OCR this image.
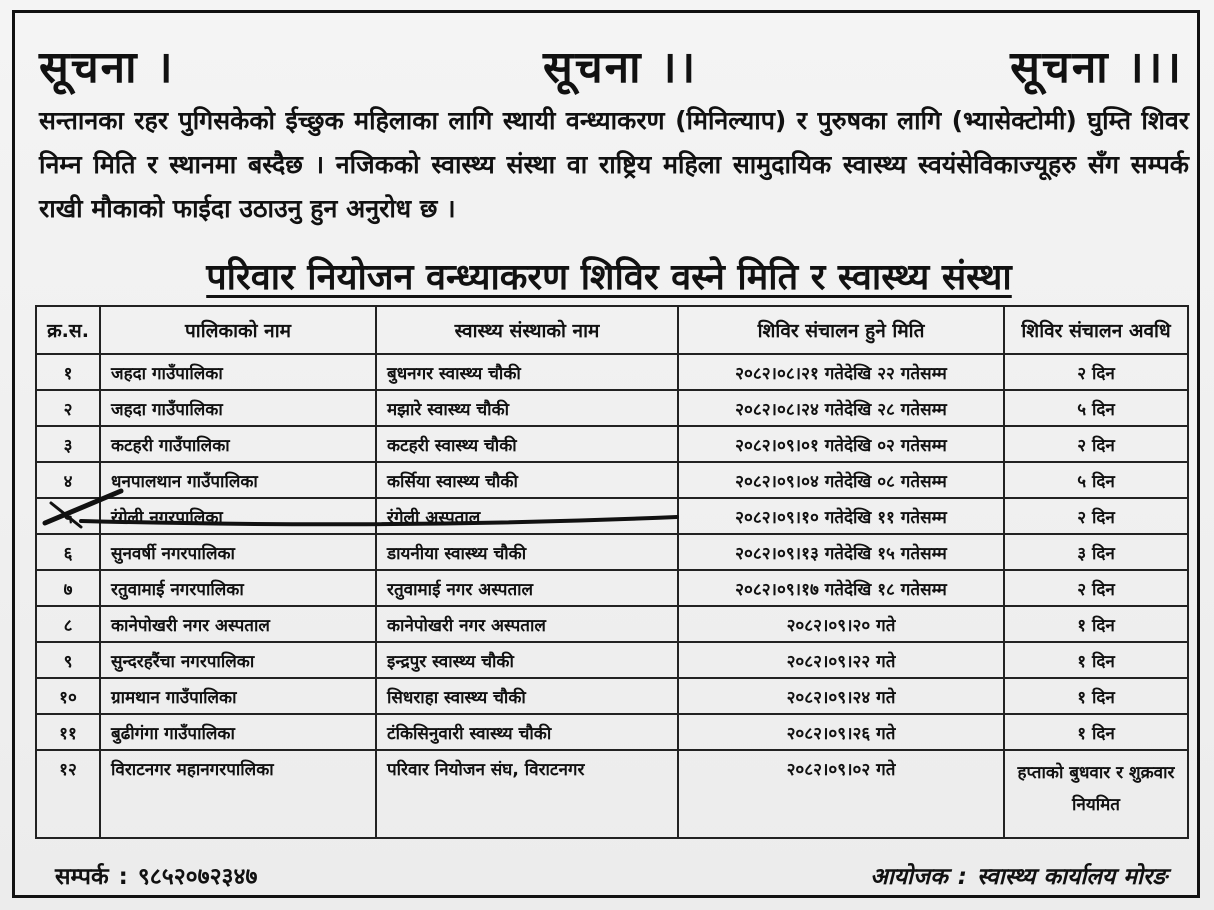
सूचना ।	सूचना ।।	सूचना ।।।
सन्तानका रहर पुगिसकेको ईच्छुक महिलाका लागि स्थायी वन्ध्याकरण (मिनिल्याप) र पुरुषका लागि (भ्यासेक्टोमी) घुम्ति शिवर निम्न मिति र स्थानमा बस्दैछ । नजिकको स्वास्थ्य संस्था वा राष्ट्रिय महिला सामुदायिक स्वास्थ्य स्वयंसेविकाज्यूहरु सँग सम्पर्क राखी मौकाको फाईदा उठाउनु हुन अनुरोध छ ।
परिवार नियोजन वन्ध्याकरण शिविर वस्ने मिति र स्वास्थ्य संस्था
क्र.स.	पालिकाको नाम	स्वास्थ्य संस्थाको नाम	शिविर संचालन हुने मिति	शिविर संचालन अवधि
१	जहदा गाउँपालिका	बुधनगर स्वास्थ्य चौकी	२०८२।०८।२१ गतेदेखि २२ गतेसम्म	२ दिन
२	जहदा गाउँपालिका	मझारे स्वास्थ्य चौकी	२०८२।०८।२४ गतेदेखि २८ गतेसम्म	५ दिन
३	कटहरी गाउँपालिका	कटहरी स्वास्थ्य चौकी	२०८२।०९।०१ गतेदेखि ०२ गतेसम्म	२ दिन
४	धनपालथान गाउँपालिका	कर्सिया स्वास्थ्य चौकी	२०८२।०९।०४ गतेदेखि ०८ गतेसम्म	५ दिन
५	रंगेली नगरपालिका	रंगेली अस्पताल	२०८२।०९।१० गतेदेखि ११ गतेसम्म	२ दिन
६	सुनवर्षी नगरपालिका	डायनीया स्वास्थ्य चौकी	२०८२।०९।१३ गतेदेखि १५ गतेसम्म	३ दिन
७	रतुवामाई नगरपालिका	रतुवामाई नगर अस्पताल	२०८२।०९।१७ गतेदेखि १८ गतेसम्म	२ दिन
८	कानेपोखरी नगर अस्पताल	कानेपोखरी नगर अस्पताल	२०८२।०९।२० गते	१ दिन
९	सुन्दरहरैंचा नगरपालिका	इन्द्रपुर स्वास्थ्य चौकी	२०८२।०९।२२ गते	१ दिन
१०	ग्रामथान गाउँपालिका	सिधराहा स्वास्थ्य चौकी	२०८२।०९।२४ गते	१ दिन
११	बुढीगंगा गाउँपालिका	टंकिसिनुवारी स्वास्थ्य चौकी	२०८२।०९।२६ गते	१ दिन
१२	विराटनगर महानगरपालिका	परिवार नियोजन संघ, विराटनगर	२०८२।०९।०२ गते	हप्ताको बुधवार र शुक्रवार नियमित
सम्पर्क : ९८५२०७२३४७	आयोजक : स्वास्थ्य कार्यालय मोरङ
